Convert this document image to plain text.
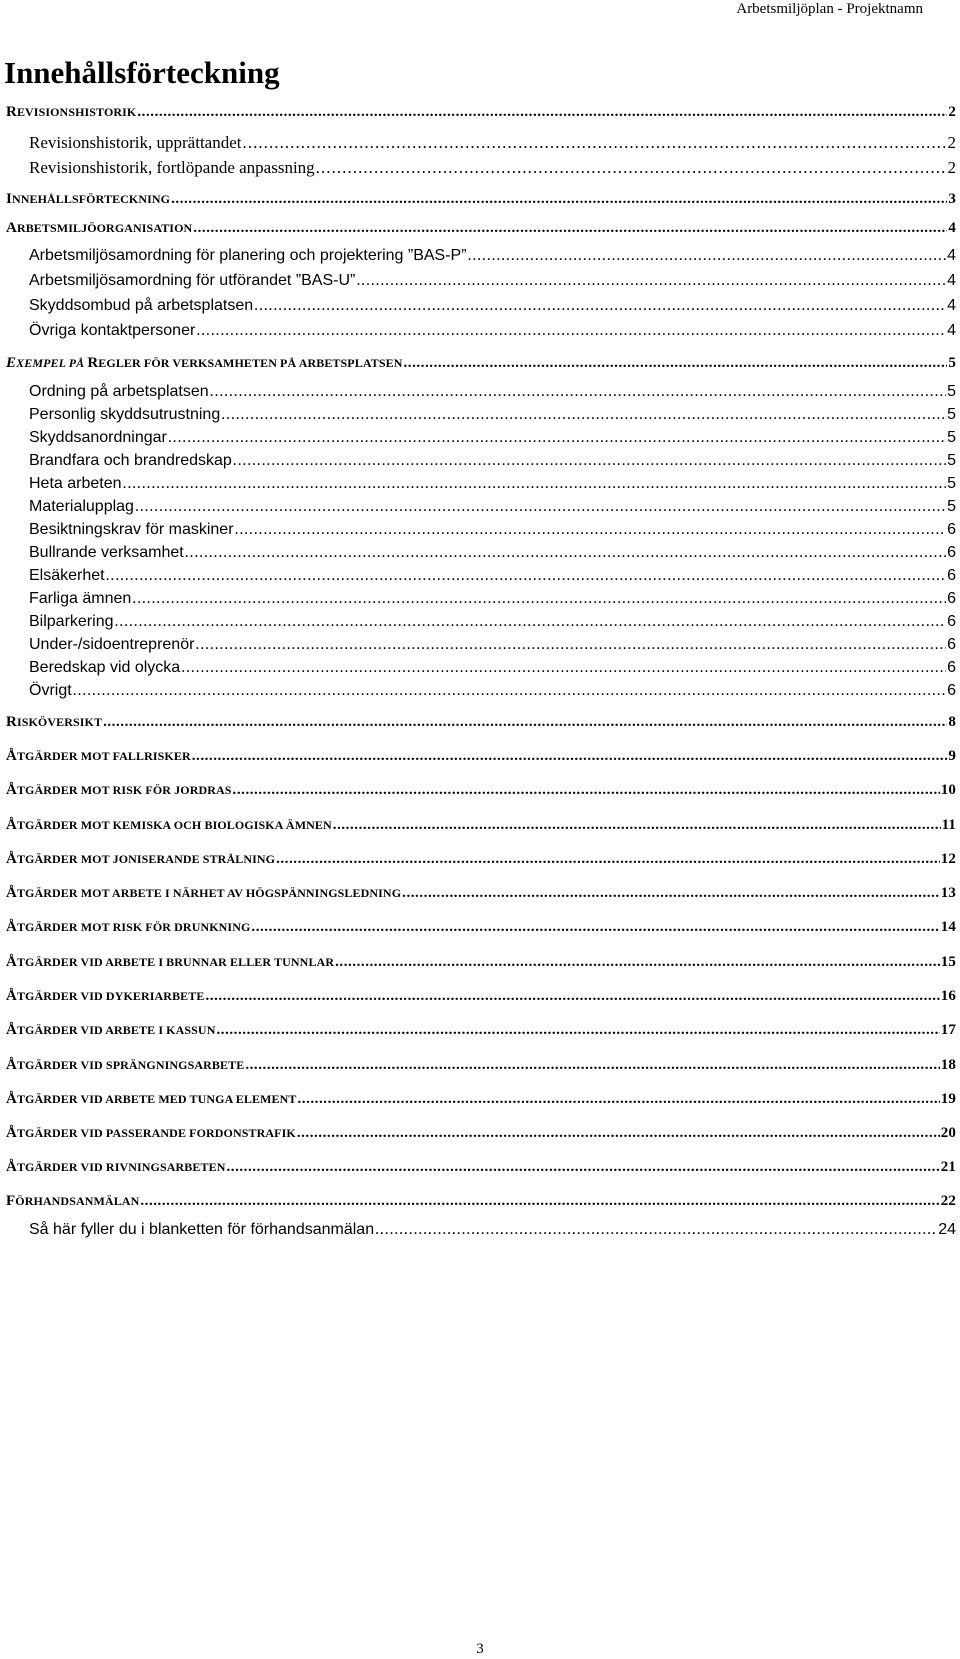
Arbetsmiljöplan - Projektnamn
Innehållsförteckning
REVISIONSHISTORIK . . .	2
Revisionshistorik, upprättandet . . .	2
Revisionshistorik, fortlöpande anpassning . . .	2
INNEHÅLLSFÖRTECKNING . . .	3
ARBETSMILJÖORGANISATION . . .	4
Arbetsmiljösamordning för planering och projektering ”BAS-P” . . .	4
Arbetsmiljösamordning för utförandet ”BAS-U” . . .	4
Skyddsombud på arbetsplatsen . . .	4
Övriga kontaktpersoner . . .	4
EXEMPEL PÅ REGLER FÖR VERKSAMHETEN PÅ ARBETSPLATSEN . . .	5
Ordning på arbetsplatsen . . .	5
Personlig skyddsutrustning . . .	5
Skyddsanordningar . . .	5
Brandfara och brandredskap . . .	5
Heta arbeten . . .	5
Materialupplag . . .	5
Besiktningskrav för maskiner . . .	6
Bullrande verksamhet . . .	6
Elsäkerhet . . .	6
Farliga ämnen . . .	6
Bilparkering . . .	6
Under-/sidoentreprenör . . .	6
Beredskap vid olycka . . .	6
Övrigt . . .	6
RISKÖVERSIKT . . .	8
ÅTGÄRDER MOT FALLRISKER . . .	9
ÅTGÄRDER MOT RISK FÖR JORDRAS . . .	10
ÅTGÄRDER MOT KEMISKA OCH BIOLOGISKA ÄMNEN . . .	11
ÅTGÄRDER MOT JONISERANDE STRÅLNING . . .	12
ÅTGÄRDER MOT ARBETE I NÄRHET AV HÖGSPÄNNINGSLEDNING . . .	13
ÅTGÄRDER MOT RISK FÖR DRUNKNING . . .	14
ÅTGÄRDER VID ARBETE I BRUNNAR ELLER TUNNLAR . . .	15
ÅTGÄRDER VID DYKERIARBETE . . .	16
ÅTGÄRDER VID ARBETE I KASSUN . . .	17
ÅTGÄRDER VID SPRÄNGNINGSARBETE . . .	18
ÅTGÄRDER VID ARBETE MED TUNGA ELEMENT . . .	19
ÅTGÄRDER VID PASSERANDE FORDONSTRAFIK . . .	20
ÅTGÄRDER VID RIVNINGSARBETEN . . .	21
FÖRHANDSANMÄLAN . . .	22
Så här fyller du i blanketten för förhandsanmälan . . .	24
3
